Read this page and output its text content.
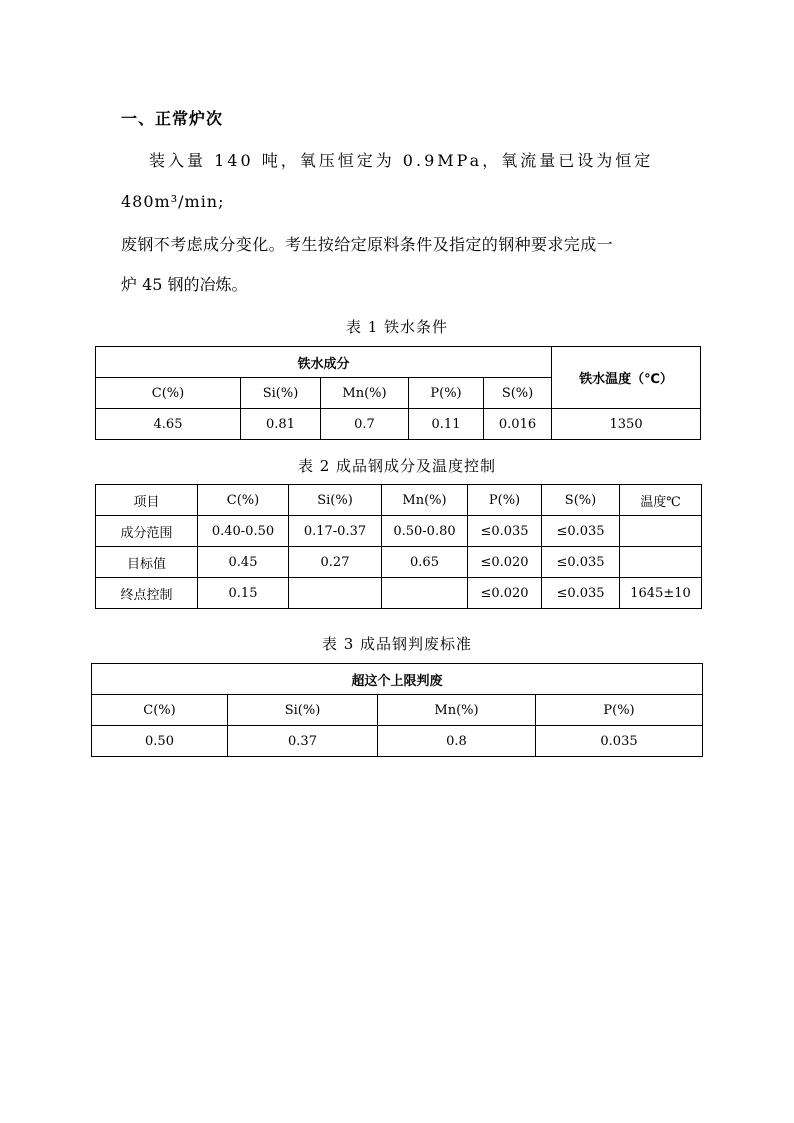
一、正常炉次
装入量 140 吨，氧压恒定为 0.9MPa，氧流量已设为恒定
480m³/min;
废钢不考虑成分变化。考生按给定原料条件及指定的钢种要求完成一
炉 45 钢的冶炼。
表 1 铁水条件
铁水成分					铁水温度（℃）
C(%)	Si(%)	Mn(%)	P(%)	S(%)	
4.65	0.81	0.7	0.11	0.016	1350
表 2 成品钢成分及温度控制
项目	C(%)	Si(%)	Mn(%)	P(%)	S(%)	温度℃
成分范围	0.40-0.50	0.17-0.37	0.50-0.80	≤0.035	≤0.035	
目标值	0.45	0.27	0.65	≤0.020	≤0.035	
终点控制	0.15			≤0.020	≤0.035	1645±10
表 3 成品钢判废标准
超这个上限判废			
C(%)	Si(%)	Mn(%)	P(%)
0.50	0.37	0.8	0.035
